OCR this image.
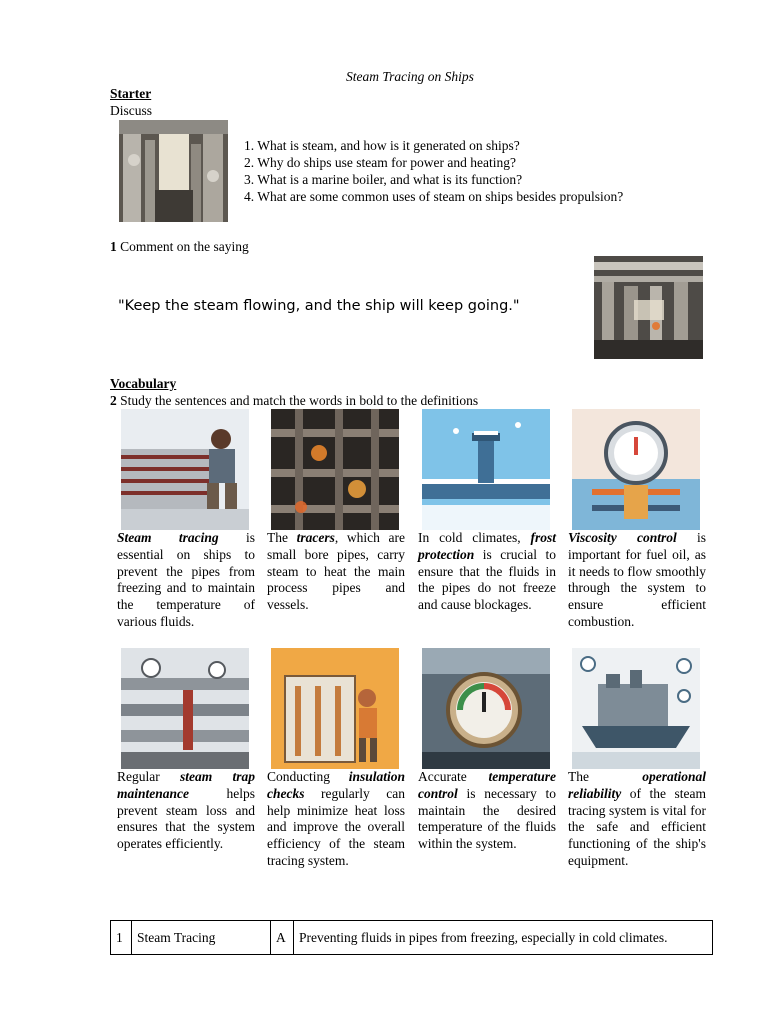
Steam Tracing on Ships
Starter
Discuss
1. What is steam, and how is it generated on ships?
2. Why do ships use steam for power and heating?
3. What is a marine boiler, and what is its function?
4. What are some common uses of steam on ships besides propulsion?
1 Comment on the saying
"Keep the steam flowing, and the ship will keep going."
Vocabulary
2 Study the sentences and match the words in bold to the definitions
Steam tracing is essential on ships to prevent the pipes from freezing and to maintain the temperature of various fluids.
The tracers, which are small bore pipes, carry steam to heat the main process pipes and vessels.
In cold climates, frost protection is crucial to ensure that the fluids in the pipes do not freeze and cause blockages.
Viscosity control is important for fuel oil, as it needs to flow smoothly through the system to ensure efficient combustion.
Regular steam trap maintenance helps prevent steam loss and ensures that the system operates efficiently.
Conducting insulation checks regularly can help minimize heat loss and improve the overall efficiency of the steam tracing system.
Accurate temperature control is necessary to maintain the desired temperature of the fluids within the system.
The operational reliability of the steam tracing system is vital for the safe and efficient functioning of the ship's equipment.
1	Steam Tracing	A	Preventing fluids in pipes from freezing, especially in cold climates.
